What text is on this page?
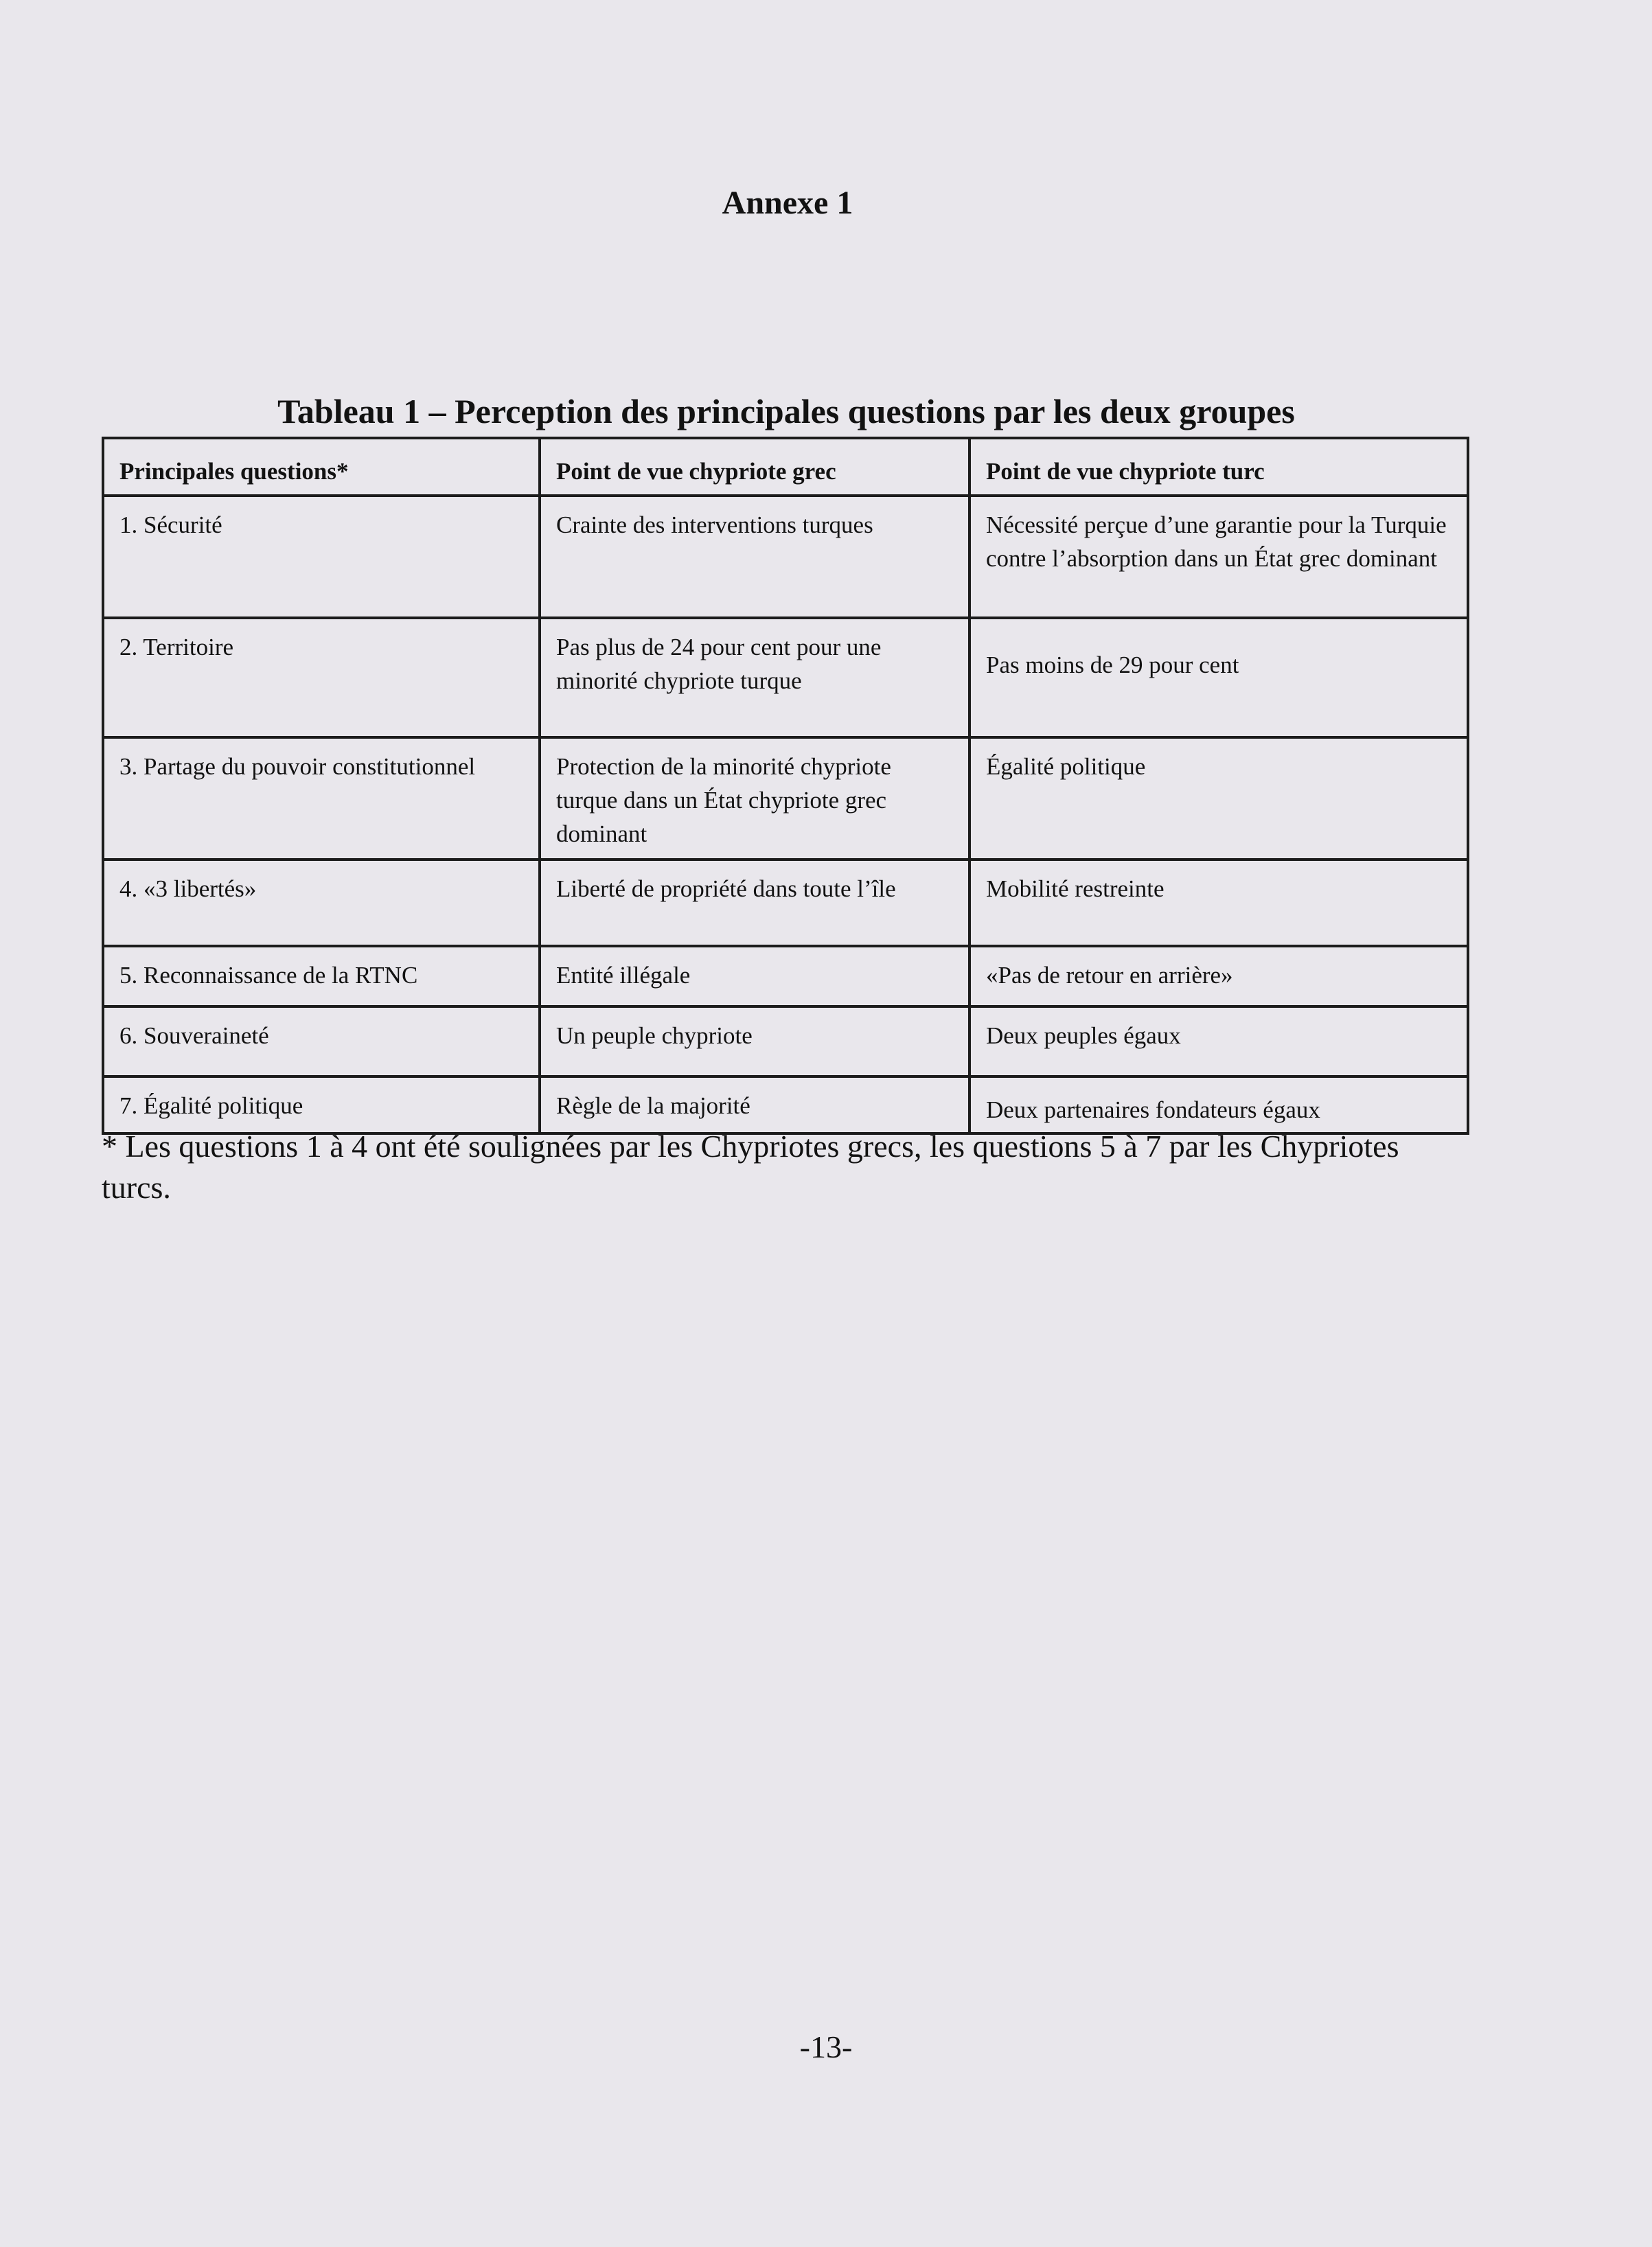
Annexe 1
Tableau 1 – Perception des principales questions par les deux groupes
Principales questions*	Point de vue chypriote grec	Point de vue chypriote turc
1. Sécurité	Crainte des interventions turques	Nécessité perçue d’une garantie pour la Turquie contre l’absorption dans un État grec dominant
2. Territoire	Pas plus de 24 pour cent pour une minorité chypriote turque	Pas moins de 29 pour cent
3. Partage du pouvoir constitutionnel	Protection de la minorité chypriote turque dans un État chypriote grec dominant	Égalité politique
4. «3 libertés»	Liberté de propriété dans toute l’île	Mobilité restreinte
5. Reconnaissance de la RTNC	Entité illégale	«Pas de retour en arrière»
6. Souveraineté	Un peuple chypriote	Deux peuples égaux
7. Égalité politique	Règle de la majorité	Deux partenaires fondateurs égaux
* Les questions 1 à 4 ont été soulignées par les Chypriotes grecs, les questions 5 à 7 par les Chypriotes turcs.
-13-
